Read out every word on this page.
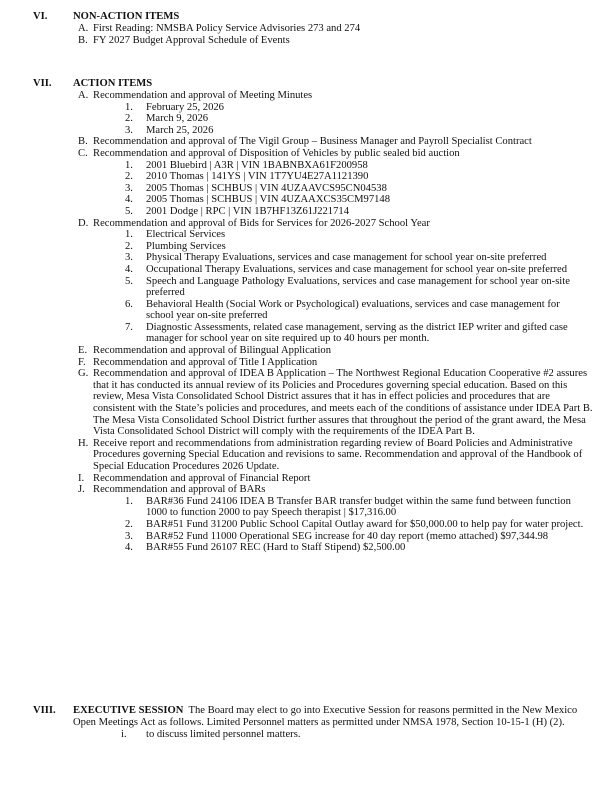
VI. NON-ACTION ITEMS
A. First Reading: NMSBA Policy Service Advisories 273 and 274
B. FY 2027 Budget Approval Schedule of Events
VII. ACTION ITEMS
A. Recommendation and approval of Meeting Minutes
1. February 25, 2026
2. March 9, 2026
3. March 25, 2026
B. Recommendation and approval of The Vigil Group – Business Manager and Payroll Specialist Contract
C. Recommendation and approval of Disposition of Vehicles by public sealed bid auction
1. 2001 Bluebird | A3R | VIN 1BABNBXA61F200958
2. 2010 Thomas | 141YS | VIN 1T7YU4E27A1121390
3. 2005 Thomas | SCHBUS | VIN 4UZAAVCS95CN04538
4. 2005 Thomas | SCHBUS | VIN 4UZAAXCS35CM97148
5. 2001 Dodge | RPC | VIN 1B7HF13Z61J221714
D. Recommendation and approval of Bids for Services for 2026-2027 School Year
1. Electrical Services
2. Plumbing Services
3. Physical Therapy Evaluations, services and case management for school year on-site preferred
4. Occupational Therapy Evaluations, services and case management for school year on-site preferred
5. Speech and Language Pathology Evaluations, services and case management for school year on-site preferred
6. Behavioral Health (Social Work or Psychological) evaluations, services and case management for school year on-site preferred
7. Diagnostic Assessments, related case management, serving as the district IEP writer and gifted case manager for school year on site required up to 40 hours per month.
E. Recommendation and approval of Bilingual Application
F. Recommendation and approval of Title I Application
G. Recommendation and approval of IDEA B Application – The Northwest Regional Education Cooperative #2 assures that it has conducted its annual review of its Policies and Procedures governing special education. Based on this review, Mesa Vista Consolidated School District assures that it has in effect policies and procedures that are consistent with the State’s policies and procedures, and meets each of the conditions of assistance under IDEA Part B. The Mesa Vista Consolidated School District further assures that throughout the period of the grant award, the Mesa Vista Consolidated School District will comply with the requirements of the IDEA Part B.
H. Receive report and recommendations from administration regarding review of Board Policies and Administrative Procedures governing Special Education and revisions to same. Recommendation and approval of the Handbook of Special Education Procedures 2026 Update.
I. Recommendation and approval of Financial Report
J. Recommendation and approval of BARs
1. BAR#36 Fund 24106 IDEA B Transfer BAR transfer budget within the same fund between function 1000 to function 2000 to pay Speech therapist | $17,316.00
2. BAR#51 Fund 31200 Public School Capital Outlay award for $50,000.00 to help pay for water project.
3. BAR#52 Fund 11000 Operational SEG increase for 40 day report (memo attached) $97,344.98
4. BAR#55 Fund 26107 REC (Hard to Staff Stipend) $2,500.00
VIII. EXECUTIVE SESSION The Board may elect to go into Executive Session for reasons permitted in the New Mexico Open Meetings Act as follows. Limited Personnel matters as permitted under NMSA 1978, Section 10-15-1 (H) (2).
i. to discuss limited personnel matters.
